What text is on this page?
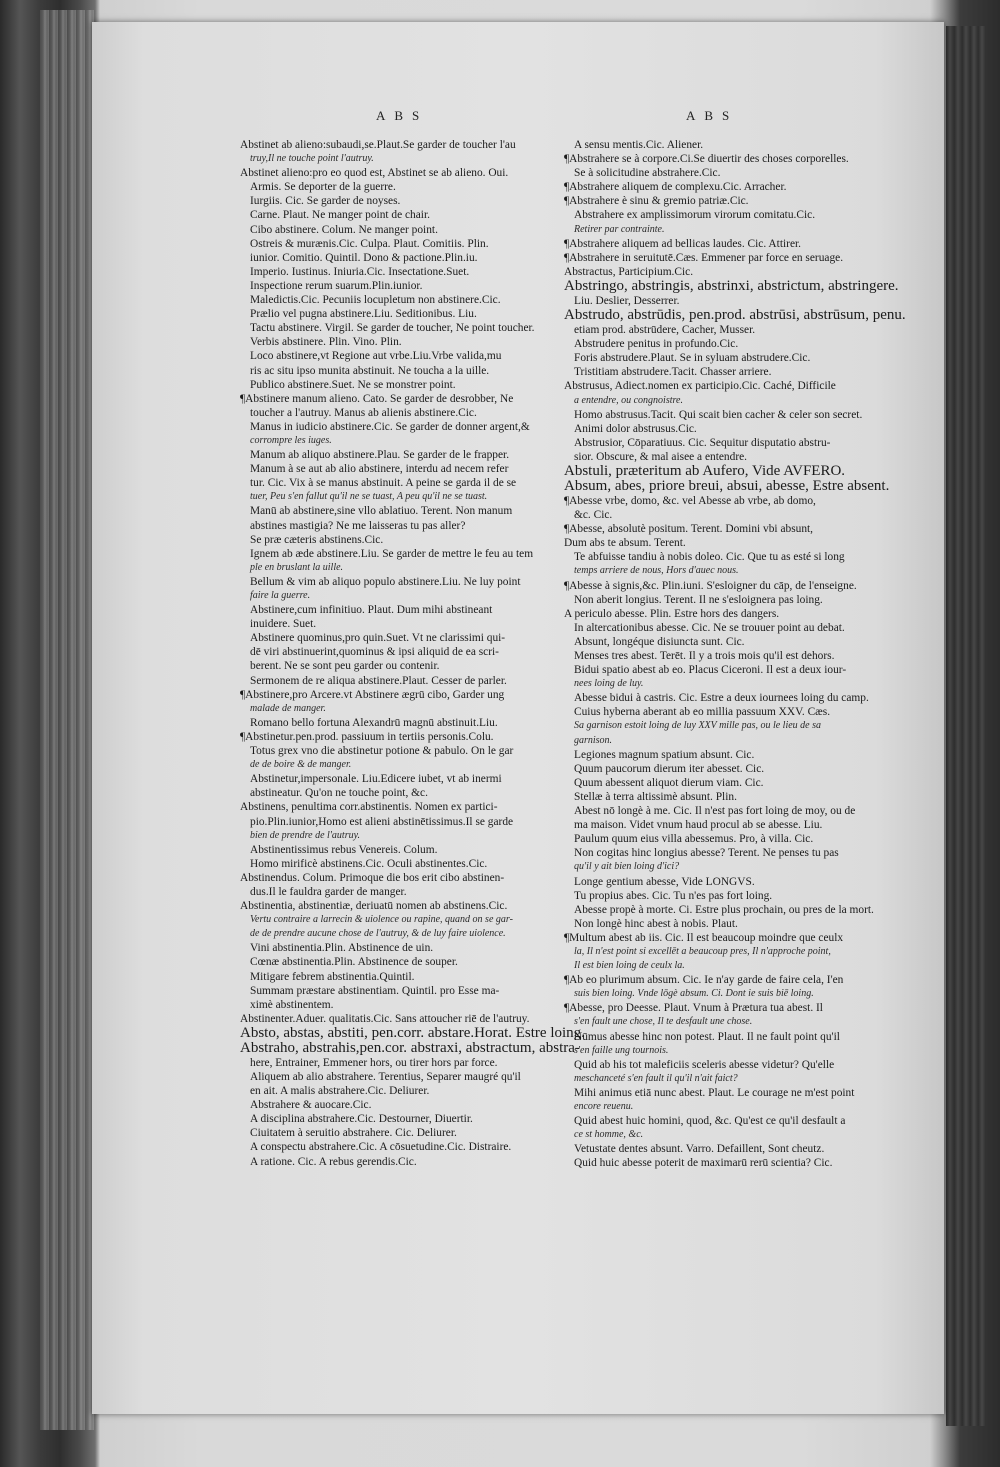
ABS	ABS
Abstinet ab alieno:subaudi,se.Plaut.Se garder de toucher l'au
truy,Il ne touche point l'autruy.
Abstinet alieno:pro eo quod est, Abstinet se ab alieno. Oui.
Armis. Se deporter de la guerre.
Iurgiis. Cic. Se garder de noyses.
Carne. Plaut. Ne manger point de chair.
Cibo abstinere. Colum. Ne manger point.
Ostreis & murænis.Cic. Culpa. Plaut. Comitiis. Plin.
iunior. Comitio. Quintil. Dono & pactione.Plin.iu.
Imperio. Iustinus. Iniuria.Cic. Insectatione.Suet.
Inspectione rerum suarum.Plin.iunior.
Maledictis.Cic. Pecuniis locupletum non abstinere.Cic.
Prælio vel pugna abstinere.Liu. Seditionibus. Liu.
Tactu abstinere. Virgil. Se garder de toucher, Ne point toucher.
Verbis abstinere. Plin. Vino. Plin.
Loco abstinere,vt Regione aut vrbe.Liu.Vrbe valida,mu
ris ac situ ipso munita abstinuit. Ne toucha a la uille.
Publico abstinere.Suet. Ne se monstrer point.
¶Abstinere manum alieno. Cato. Se garder de desrobber, Ne
toucher a l'autruy. Manus ab alienis abstinere.Cic.
Manus in iudicio abstinere.Cic. Se garder de donner argent,&
corrompre les iuges.
Manum ab aliquo abstinere.Plau. Se garder de le frapper.
Manum à se aut ab alio abstinere, interdu ad necem refer
tur. Cic. Vix à se manus abstinuit. A peine se garda il de se
tuer, Peu s'en fallut qu'il ne se tuast, A peu qu'il ne se tuast.
Manū ab abstinere,sine vllo ablatiuo. Terent. Non manum
abstines mastigia? Ne me laisseras tu pas aller?
Se præ cæteris abstinens.Cic.
Ignem ab æde abstinere.Liu. Se garder de mettre le feu au tem
ple en bruslant la uille.
Bellum & vim ab aliquo populo abstinere.Liu. Ne luy point
faire la guerre.
Abstinere,cum infinitiuo. Plaut. Dum mihi abstineant
inuidere. Suet.
Abstinere quominus,pro quin.Suet. Vt ne clarissimi qui-
dē viri abstinuerint,quominus & ipsi aliquid de ea scri-
berent. Ne se sont peu garder ou contenir.
Sermonem de re aliqua abstinere.Plaut. Cesser de parler.
¶Abstinere,pro Arcere.vt Abstinere ægrū cibo, Garder ung
malade de manger.
Romano bello fortuna Alexandrū magnū abstinuit.Liu.
¶Abstinetur.pen.prod. passiuum in tertiis personis.Colu.
Totus grex vno die abstinetur potione & pabulo. On le gar
de de boire & de manger.
Abstinetur,impersonale. Liu.Edicere iubet, vt ab inermi
abstineatur. Qu'on ne touche point, &c.
Abstinens, penultima corr.abstinentis. Nomen ex partici-
pio.Plin.iunior,Homo est alieni abstinētissimus.Il se garde
bien de prendre de l'autruy.
Abstinentissimus rebus Venereis. Colum.
Homo mirificè abstinens.Cic. Oculi abstinentes.Cic.
Abstinendus. Colum. Primoque die bos erit cibo abstinen-
dus.Il le fauldra garder de manger.
Abstinentia, abstinentiæ, deriuatū nomen ab abstinens.Cic.
Vertu contraire a larrecin & uiolence ou rapine, quand on se gar-
de de prendre aucune chose de l'autruy, & de luy faire uiolence.
Vini abstinentia.Plin. Abstinence de uin.
Cœnæ abstinentia.Plin. Abstinence de souper.
Mitigare febrem abstinentia.Quintil.
Summam præstare abstinentiam. Quintil. pro Esse ma-
ximè abstinentem.
Abstinenter.Aduer. qualitatis.Cic. Sans attoucher riē de l'autruy.
Absto, abstas, abstiti, pen.corr. abstare.Horat. Estre loing.
Abstraho, abstrahis,pen.cor. abstraxi, abstractum, abstra-
here, Entrainer, Emmener hors, ou tirer hors par force.
Aliquem ab alio abstrahere. Terentius, Separer maugré qu'il
en ait. A malis abstrahere.Cic. Deliurer.
Abstrahere & auocare.Cic.
A disciplina abstrahere.Cic. Destourner, Diuertir.
Ciuitatem à seruitio abstrahere. Cic. Deliurer.
A conspectu abstrahere.Cic. A cōsuetudine.Cic. Distraire.
A ratione. Cic. A rebus gerendis.Cic.
A sensu mentis.Cic. Aliener.
¶Abstrahere se à corpore.Ci.Se diuertir des choses corporelles.
Se à solicitudine abstrahere.Cic.
¶Abstrahere aliquem de complexu.Cic. Arracher.
¶Abstrahere è sinu & gremio patriæ.Cic.
Abstrahere ex amplissimorum virorum comitatu.Cic.
Retirer par contrainte.
¶Abstrahere aliquem ad bellicas laudes. Cic. Attirer.
¶Abstrahere in seruitutē.Cæs. Emmener par force en seruage.
Abstractus, Participium.Cic.
Abstringo, abstringis, abstrinxi, abstrictum, abstringere.
Liu. Deslier, Desserrer.
Abstrudo, abstrūdis, pen.prod. abstrūsi, abstrūsum, penu.
etiam prod. abstrūdere, Cacher, Musser.
Abstrudere penitus in profundo.Cic.
Foris abstrudere.Plaut. Se in syluam abstrudere.Cic.
Tristitiam abstrudere.Tacit. Chasser arriere.
Abstrusus, Adiect.nomen ex participio.Cic. Caché, Difficile
a entendre, ou congnoistre.
Homo abstrusus.Tacit. Qui scait bien cacher & celer son secret.
Animi dolor abstrusus.Cic.
Abstrusior, Cōparatiuus. Cic. Sequitur disputatio abstru-
sior. Obscure, & mal aisee a entendre.
Abstuli, præteritum ab Aufero, Vide AVFERO.
Absum, abes, priore breui, absui, abesse, Estre absent.
¶Abesse vrbe, domo, &c. vel Abesse ab vrbe, ab domo,
&c. Cic.
¶Abesse, absolutè positum. Terent. Domini vbi absunt,
Dum abs te absum. Terent.
Te abfuisse tandiu à nobis doleo. Cic. Que tu as esté si long
temps arriere de nous, Hors d'auec nous.
¶Abesse à signis,&c. Plin.iuni. S'esloigner du cāp, de l'enseigne.
Non aberit longius. Terent. Il ne s'esloignera pas loing.
A periculo abesse. Plin. Estre hors des dangers.
In altercationibus abesse. Cic. Ne se trouuer point au debat.
Absunt, longéque disiuncta sunt. Cic.
Menses tres abest. Terēt. Il y a trois mois qu'il est dehors.
Bidui spatio abest ab eo. Placus Ciceroni. Il est a deux iour-
nees loing de luy.
Abesse bidui à castris. Cic. Estre a deux iournees loing du camp.
Cuius hyberna aberant ab eo millia passuum XXV. Cæs.
Sa garnison estoit loing de luy XXV mille pas, ou le lieu de sa
garnison.
Legiones magnum spatium absunt. Cic.
Quum paucorum dierum iter abesset. Cic.
Quum abessent aliquot dierum viam. Cic.
Stellæ à terra altissimè absunt. Plin.
Abest nō longè à me. Cic. Il n'est pas fort loing de moy, ou de
ma maison. Videt vnum haud procul ab se abesse. Liu.
Paulum quum eius villa abessemus. Pro, à villa. Cic.
Non cogitas hinc longius abesse? Terent. Ne penses tu pas
qu'il y ait bien loing d'ici?
Longe gentium abesse, Vide LONGVS.
Tu propius abes. Cic. Tu n'es pas fort loing.
Abesse propè à morte. Ci. Estre plus prochain, ou pres de la mort.
Non longè hinc abest à nobis. Plaut.
¶Multum abest ab iis. Cic. Il est beaucoup moindre que ceulx
la, Il n'est point si excellēt a beaucoup pres, Il n'approche point,
Il est bien loing de ceulx la.
¶Ab eo plurimum absum. Cic. Ie n'ay garde de faire cela, I'en
suis bien loing. Vnde lōgè absum. Ci. Dont ie suis biē loing.
¶Abesse, pro Deesse. Plaut. Vnum à Prætura tua abest. Il
s'en fault une chose, Il te desfault une chose.
Nūmus abesse hinc non potest. Plaut. Il ne fault point qu'il
s'en faille ung tournois.
Quid ab his tot maleficiis sceleris abesse videtur? Qu'elle
meschanceté s'en fault il qu'il n'ait faict?
Mihi animus etiā nunc abest. Plaut. Le courage ne m'est point
encore reuenu.
Quid abest huic homini, quod, &c. Qu'est ce qu'il desfault a
ce st homme, &c.
Vetustate dentes absunt. Varro. Defaillent, Sont cheutz.
Quid huic abesse poterit de maximarū rerū scientia? Cic.
